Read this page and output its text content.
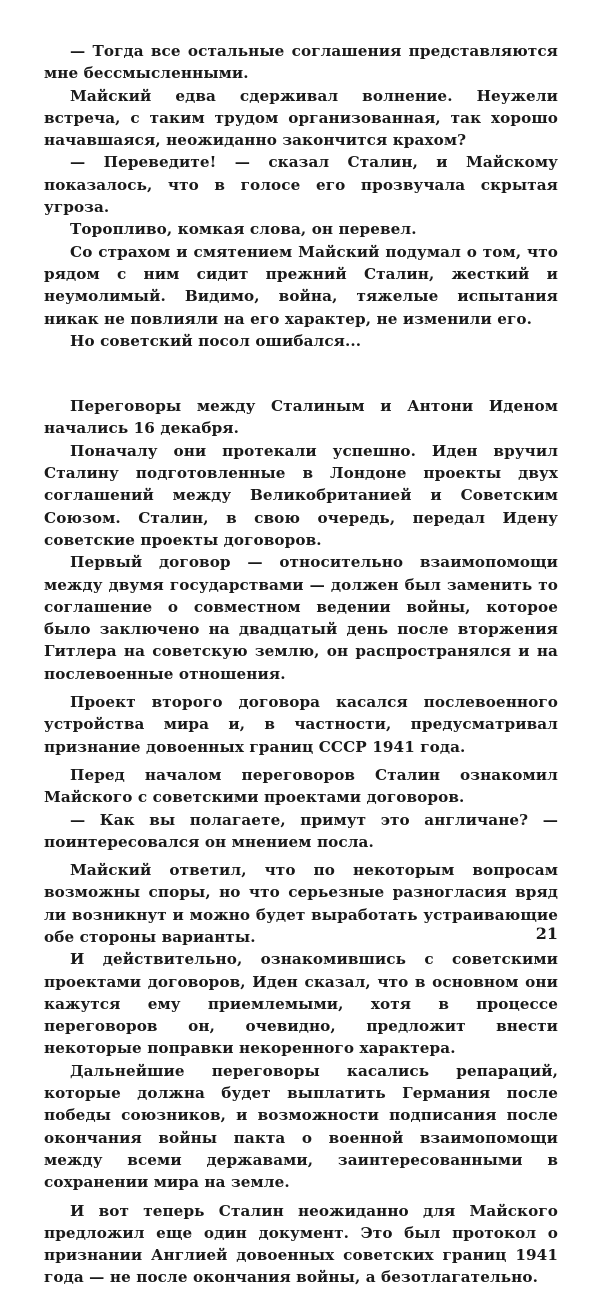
— Тогда все остальные соглашения представляются мне бессмысленными.

Майский едва сдерживал волнение. Неужели встреча, с таким трудом организованная, так хорошо начавшаяся, неожиданно закончится крахом?

— Переведите! — сказал Сталин, и Майскому показалось, что в голосе его прозвучала скрытая угроза.

Торопливо, комкая слова, он перевел.

Со страхом и смятением Майский подумал о том, что рядом с ним сидит прежний Сталин, жесткий и неумолимый. Видимо, война, тяжелые испытания никак не повлияли на его характер, не изменили его.

Но советский посол ошибался...

Переговоры между Сталиным и Антони Иденом начались 16 декабря.

Поначалу они протекали успешно. Иден вручил Сталину подготовленные в Лондоне проекты двух соглашений между Великобританией и Советским Союзом. Сталин, в свою очередь, передал Идену советские проекты договоров.

Первый договор — относительно взаимопомощи между двумя государствами — должен был заменить то соглашение о совместном ведении войны, которое было заключено на двадцатый день после вторжения Гитлера на советскую землю, он распространялся и на послевоенные отношения.

Проект второго договора касался послевоенного устройства мира и, в частности, предусматривал признание довоенных границ СССР 1941 года.

Перед началом переговоров Сталин ознакомил Майского с советскими проектами договоров.

— Как вы полагаете, примут это англичане? — поинтересовался он мнением посла.

Майский ответил, что по некоторым вопросам возможны споры, но что серьезные разногласия вряд ли возникнут и можно будет выработать устраивающие обе стороны варианты.

И действительно, ознакомившись с советскими проектами договоров, Иден сказал, что в основном они кажутся ему приемлемыми, хотя в процессе переговоров он, очевидно, предложит внести некоторые поправки некоренного характера.

Дальнейшие переговоры касались репараций, которые должна будет выплатить Германия после победы союзников, и возможности подписания после окончания войны пакта о военной взаимопомощи между всеми державами, заинтересованными в сохранении мира на земле.

И вот теперь Сталин неожиданно для Майского предложил еще один документ. Это был протокол о признании Англией довоенных советских границ 1941 года — не после окончания войны, а безотлагательно.

21
